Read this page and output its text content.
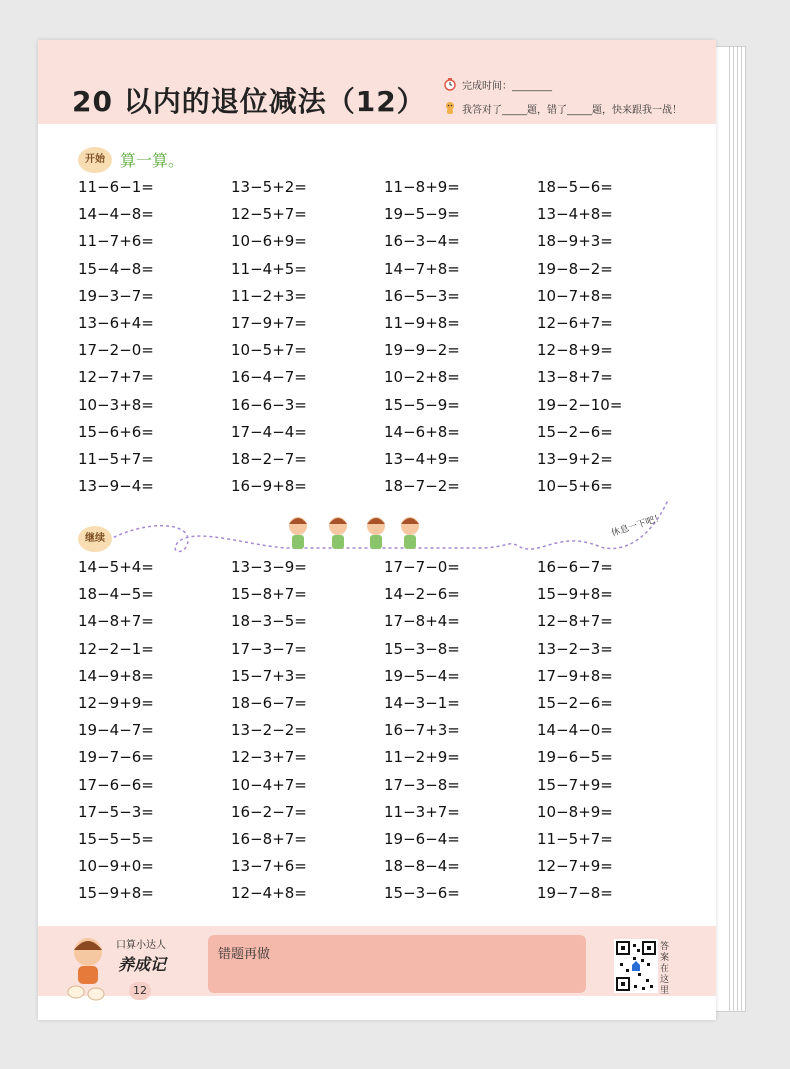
20 以内的退位减法（12）	完成时间：________
我答对了_____题，错了_____题，快来跟我一战！
开始 算一算。
11−6−1=	13−5+2=	11−8+9=	18−5−6=
14−4−8=	12−5+7=	19−5−9=	13−4+8=
11−7+6=	10−6+9=	16−3−4=	18−9+3=
15−4−8=	11−4+5=	14−7+8=	19−8−2=
19−3−7=	11−2+3=	16−5−3=	10−7+8=
13−6+4=	17−9+7=	11−9+8=	12−6+7=
17−2−0=	10−5+7=	19−9−2=	12−8+9=
12−7+7=	16−4−7=	10−2+8=	13−8+7=
10−3+8=	16−6−3=	15−5−9=	19−2−10=
15−6+6=	17−4−4=	14−6+8=	15−2−6=
11−5+7=	18−2−7=	13−4+9=	13−9+2=
13−9−4=	16−9+8=	18−7−2=	10−5+6=
继续	休息一下吧！
14−5+4=	13−3−9=	17−7−0=	16−6−7=
18−4−5=	15−8+7=	14−2−6=	15−9+8=
14−8+7=	18−3−5=	17−8+4=	12−8+7=
12−2−1=	17−3−7=	15−3−8=	13−2−3=
14−9+8=	15−7+3=	19−5−4=	17−9+8=
12−9+9=	18−6−7=	14−3−1=	15−2−6=
19−4−7=	13−2−2=	16−7+3=	14−4−0=
19−7−6=	12−3+7=	11−2+9=	19−6−5=
17−6−6=	10−4+7=	17−3−8=	15−7+9=
17−5−3=	16−2−7=	11−3+7=	10−8+9=
15−5−5=	16−8+7=	19−6−4=	11−5+7=
10−9+0=	13−7+6=	18−8−4=	12−7+9=
15−9+8=	12−4+8=	15−3−6=	19−7−8=
口算小达人
养成记
12
错题再做	答案在这里
